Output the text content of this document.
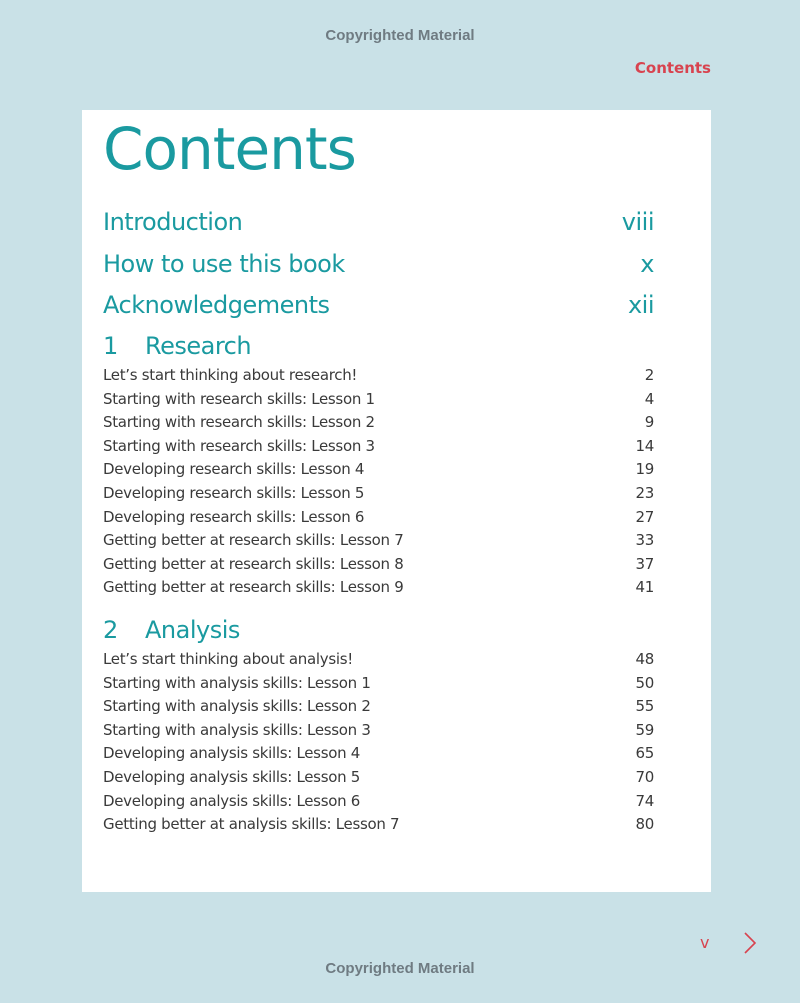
Copyrighted Material
Contents
Contents
Introduction	viii
How to use this book	x
Acknowledgements	xii
1	Research
Let’s start thinking about research!	2
Starting with research skills: Lesson 1	4
Starting with research skills: Lesson 2	9
Starting with research skills: Lesson 3	14
Developing research skills: Lesson 4	19
Developing research skills: Lesson 5	23
Developing research skills: Lesson 6	27
Getting better at research skills: Lesson 7	33
Getting better at research skills: Lesson 8	37
Getting better at research skills: Lesson 9	41
2	Analysis
Let’s start thinking about analysis!	48
Starting with analysis skills: Lesson 1	50
Starting with analysis skills: Lesson 2	55
Starting with analysis skills: Lesson 3	59
Developing analysis skills: Lesson 4	65
Developing analysis skills: Lesson 5	70
Developing analysis skills: Lesson 6	74
Getting better at analysis skills: Lesson 7	80
v
Copyrighted Material
